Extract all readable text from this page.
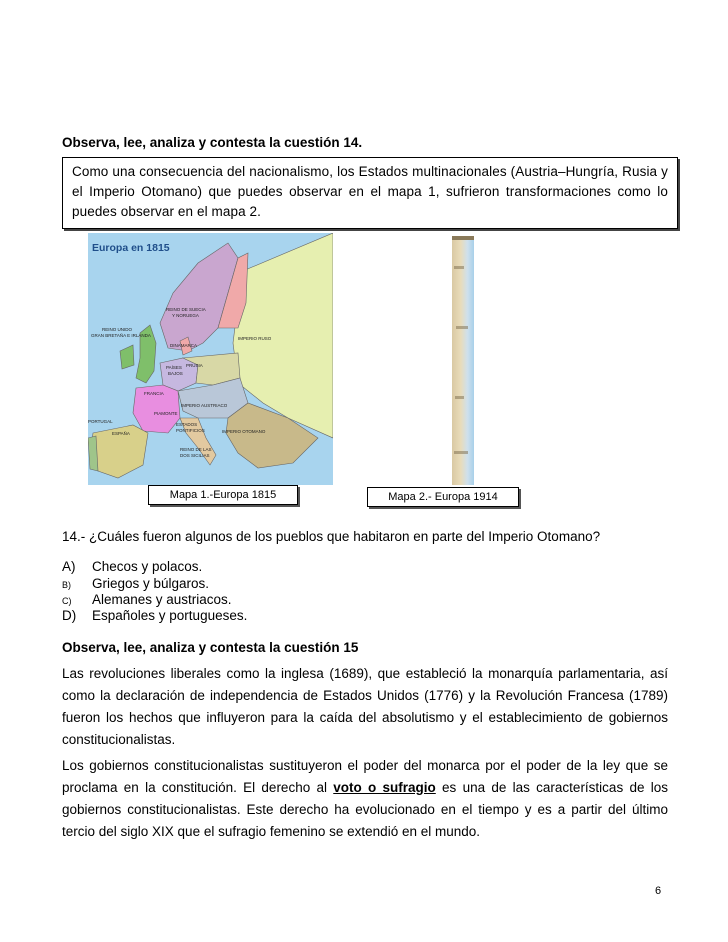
Observa, lee, analiza y contesta la cuestión 14.

Como una consecuencia del nacionalismo, los Estados multinacionales (Austria–Hungría, Rusia y el Imperio Otomano) que puedes observar en el mapa 1, sufrieron transformaciones como lo puedes observar en el mapa 2.

Europa en 1815
REINO DE SUECIA
Y NORUEGA
REINO UNIDO
GRAN BRETAÑA E IRLANDA
DINAMARCA
IMPERIO RUSO
PAÍSES
BAJOS
PRUSIA
FRANCIA
IMPERIO AUSTRIACO
PIAMONTE
PORTUGAL
ESPAÑA
ESTADOS
PONTIFICIOS	IMPERIO OTOMANO
REINO DE LAS
DOS SICILIAS
Mapa 1.-Europa 1815	Mapa 2.- Europa 1914
14.- ¿Cuáles fueron algunos de los pueblos que habitaron en parte del Imperio Otomano?
A) Checos y polacos.
B) Griegos y búlgaros.
C) Alemanes y austriacos.
D) Españoles y portugueses.
Observa, lee, analiza y contesta la cuestión 15
Las revoluciones liberales como la inglesa (1689), que estableció la monarquía parlamentaria, así como la declaración de independencia de Estados Unidos (1776) y la Revolución Francesa (1789) fueron los hechos que influyeron para la caída del absolutismo y el establecimiento de gobiernos constitucionalistas.
Los gobiernos constitucionalistas sustituyeron el poder del monarca por el poder de la ley que se proclama en la constitución. El derecho al voto o sufragio es una de las características de los gobiernos constitucionalistas. Este derecho ha evolucionado en el tiempo y es a partir del último tercio del siglo XIX que el sufragio femenino se extendió en el mundo.
6
